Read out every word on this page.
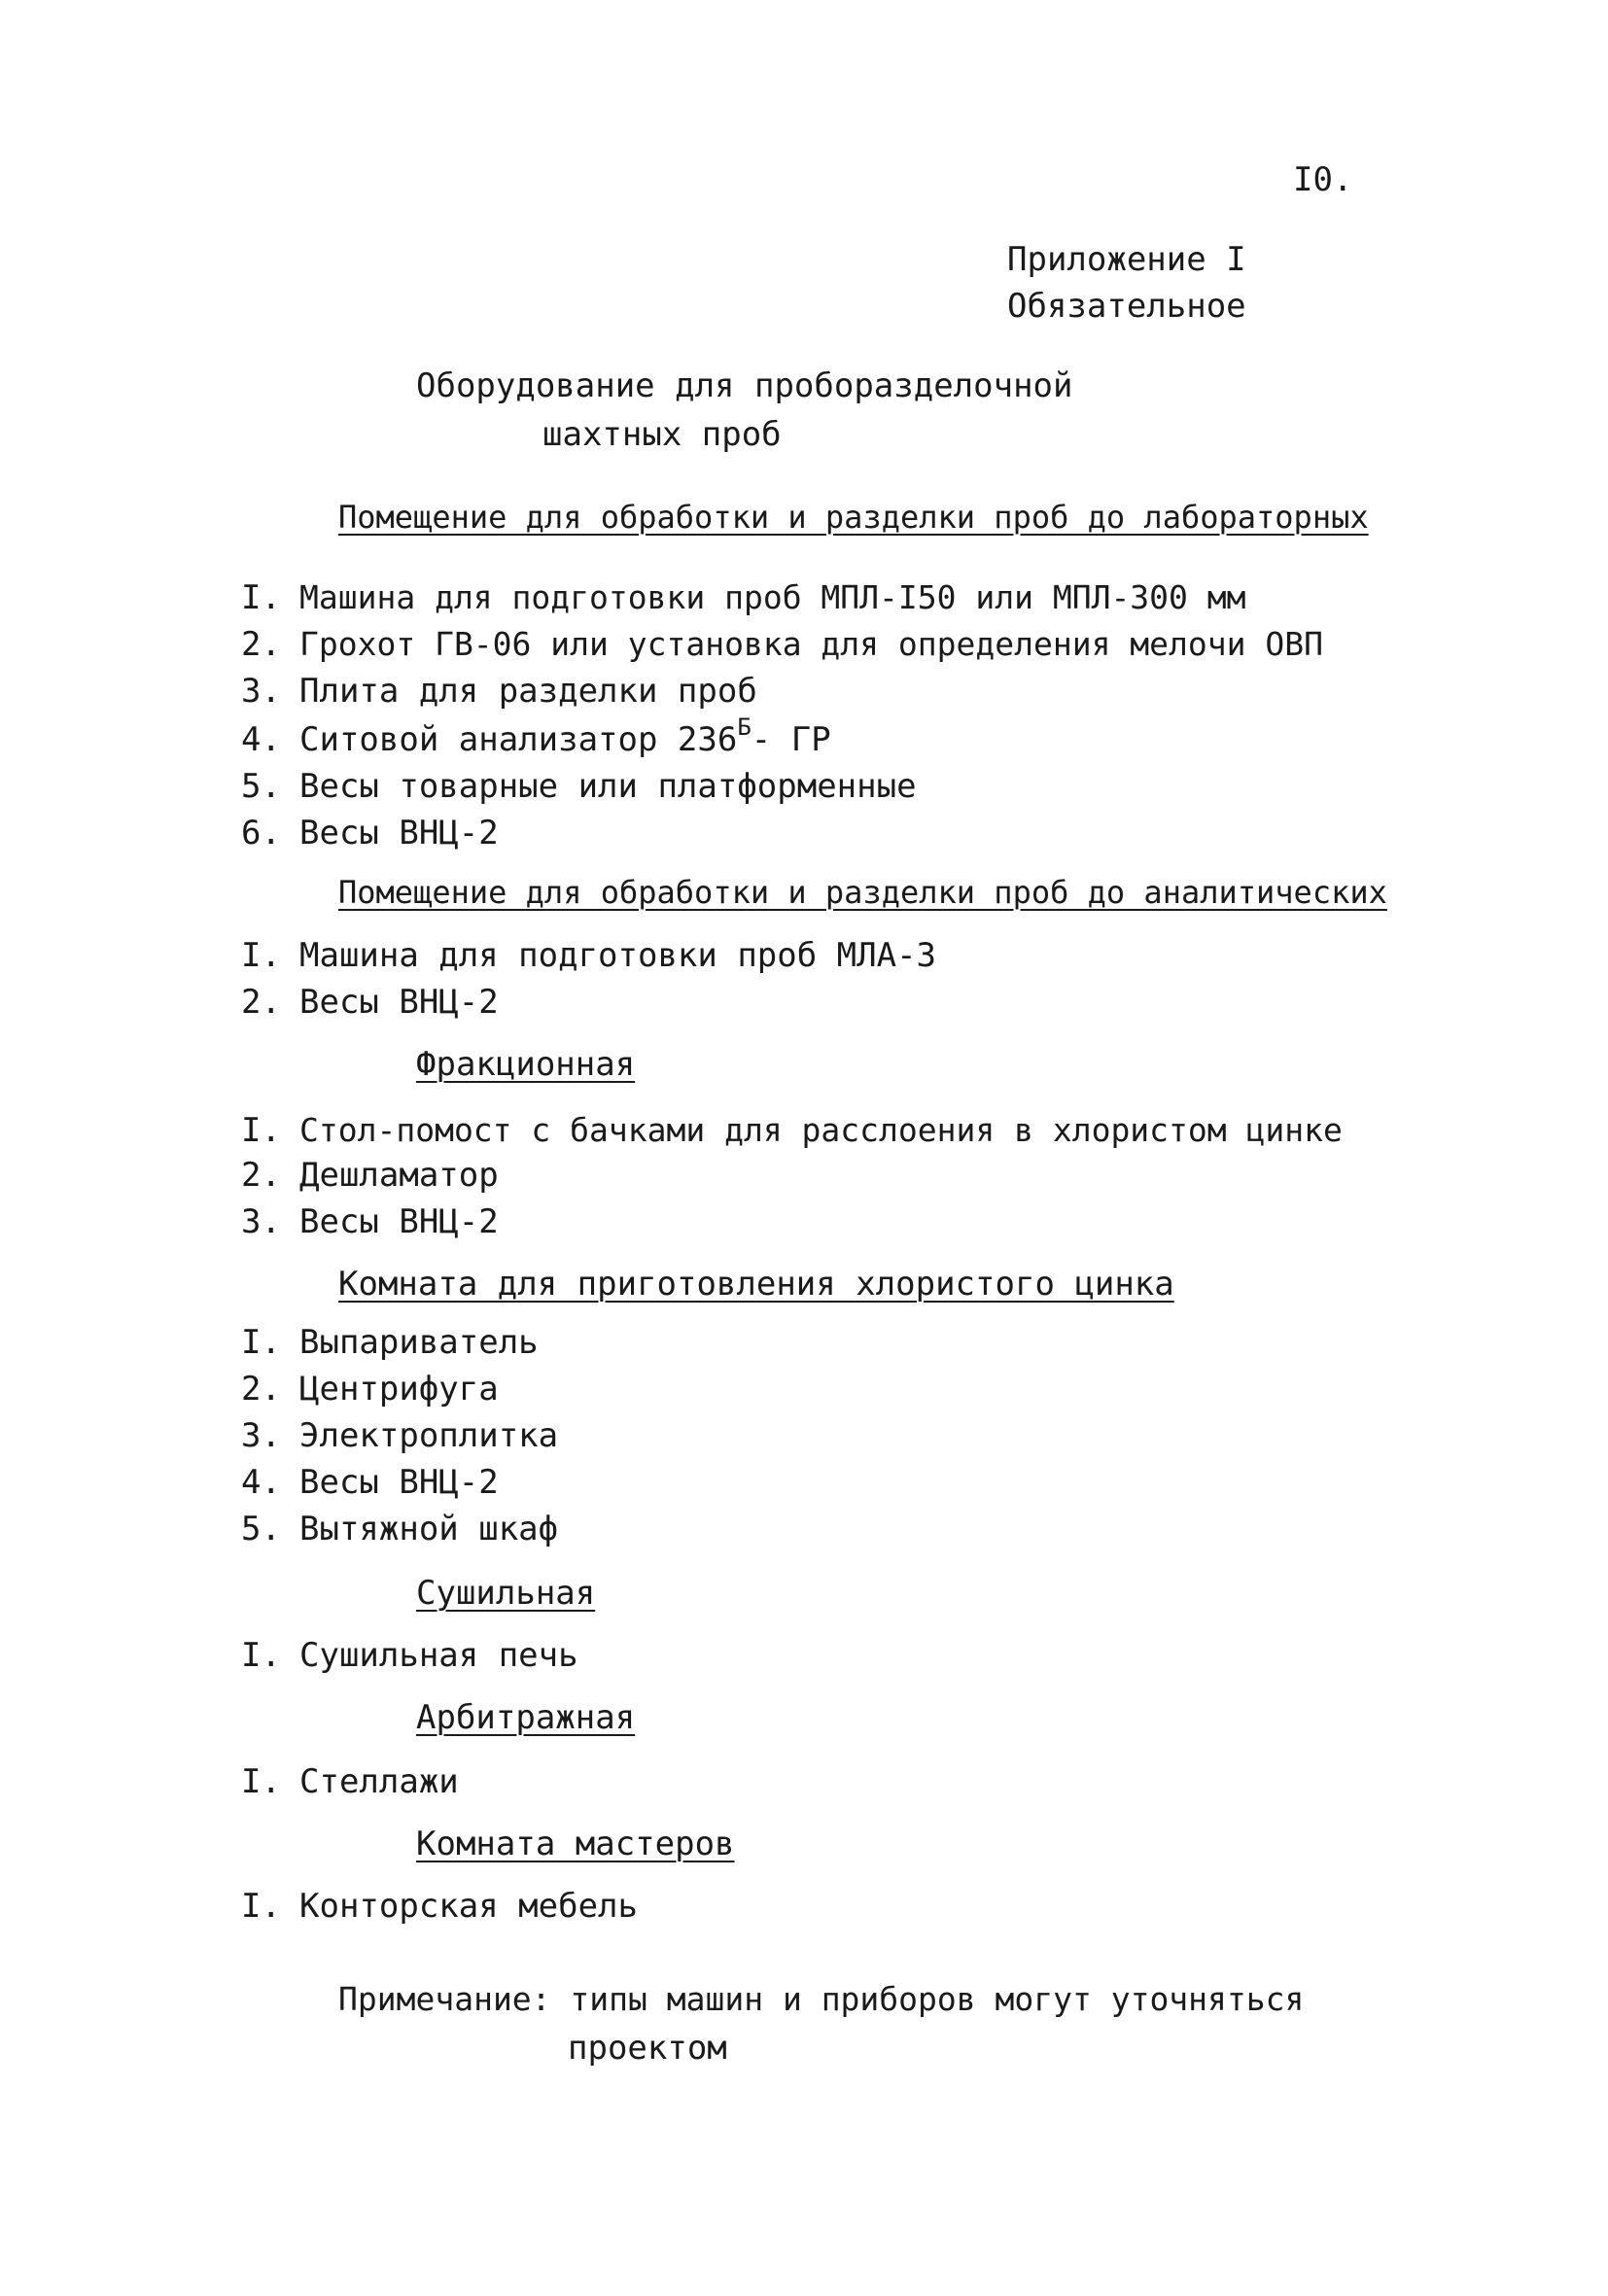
I0.
Приложение I
Обязательное
Оборудование для проборазделочной
шахтных проб
Помещение для обработки и разделки проб до лабораторных
I. Машина для подготовки проб МПЛ-I50 или МПЛ-300 мм
2. Грохот ГВ-06 или установка для определения мелочи ОВП
3. Плита для разделки проб
4. Ситовой анализатор $236^Б-$ ГР
5. Весы товарные или платформенные
6. Весы ВНЦ-2
Помещение для обработки и разделки проб до аналитических
I. Машина для подготовки проб МЛА-3
2. Весы ВНЦ-2
Фракционная
I. Стол-помост с бачками для расслоения в хлористом цинке
2. Дешламатор
3. Весы ВНЦ-2
Комната для приготовления хлористого цинка
I. Выпариватель
2. Центрифуга
3. Электроплитка
4. Весы ВНЦ-2
5. Вытяжной шкаф
Сушильная
I. Сушильная печь
Арбитражная
I. Стеллажи
Комната мастеров
I. Конторская мебель
Примечание: типы машин и приборов могут уточняться
проектом
